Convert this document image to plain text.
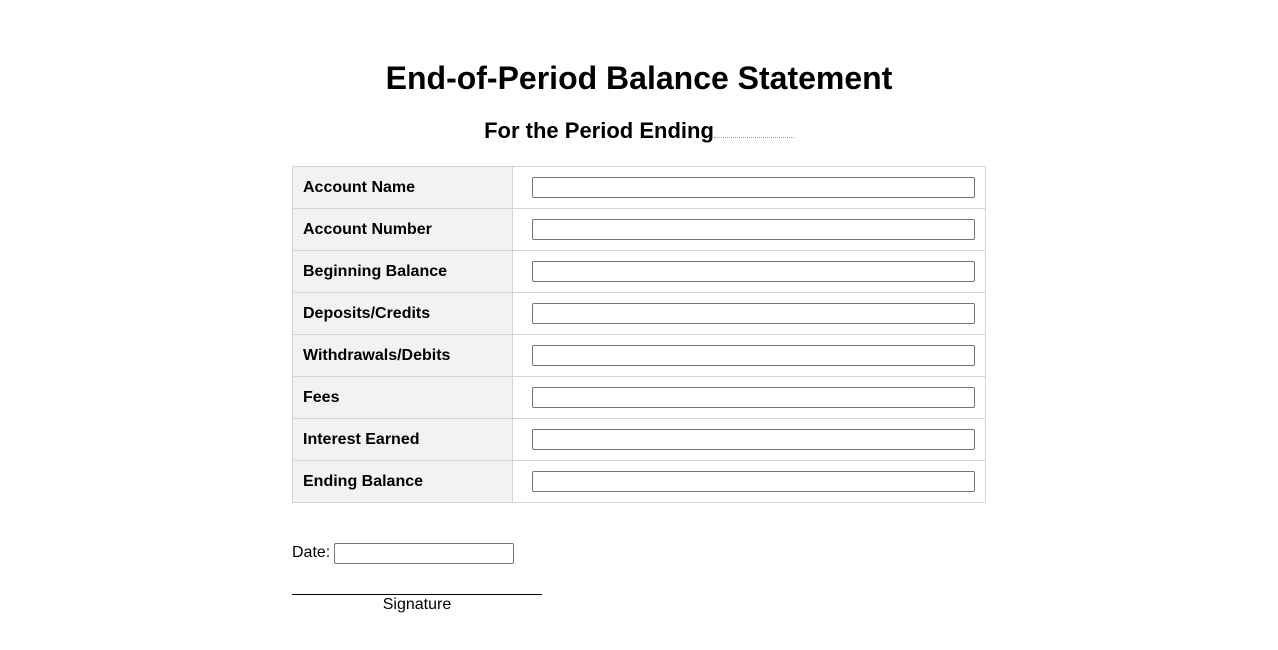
End-of-Period Balance Statement
For the Period Ending
Account Name	

Account Number	

Beginning Balance	

Deposits/Credits	

Withdrawals/Debits	

Fees	

Interest Earned	

Ending Balance	
Date:
Signature
